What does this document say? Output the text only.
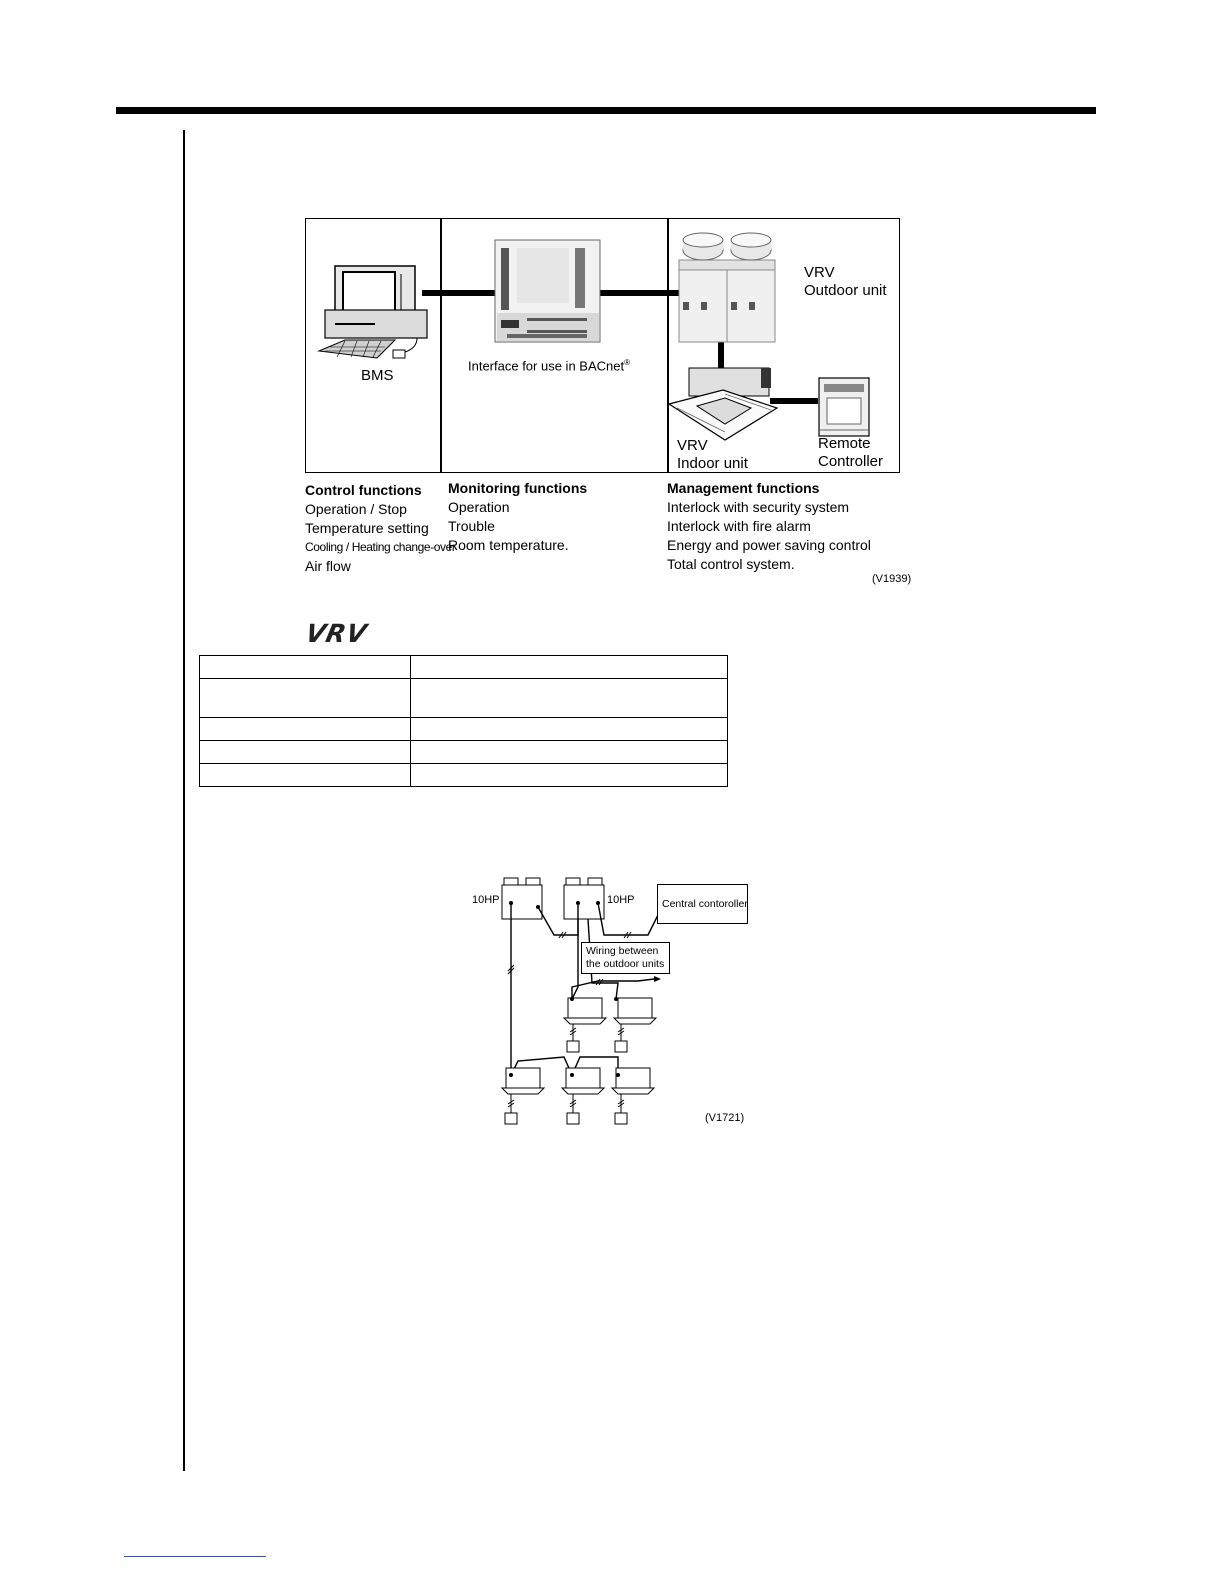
BMS
Interface for use in BACnet®
VRV
Outdoor unit
VRV
Indoor unit
Remote
Controller
Control functions
Operation / Stop
Temperature setting
Cooling / Heating change-over
Air flow
Monitoring functions
Operation
Trouble
Room temperature.
Management functions
Interlock with security system
Interlock with fire alarm
Energy and power saving control
Total control system.
(V1939)
VRV

10HP	10HP	Central contoroller
Wiring between
the outdoor units
(V1721)
